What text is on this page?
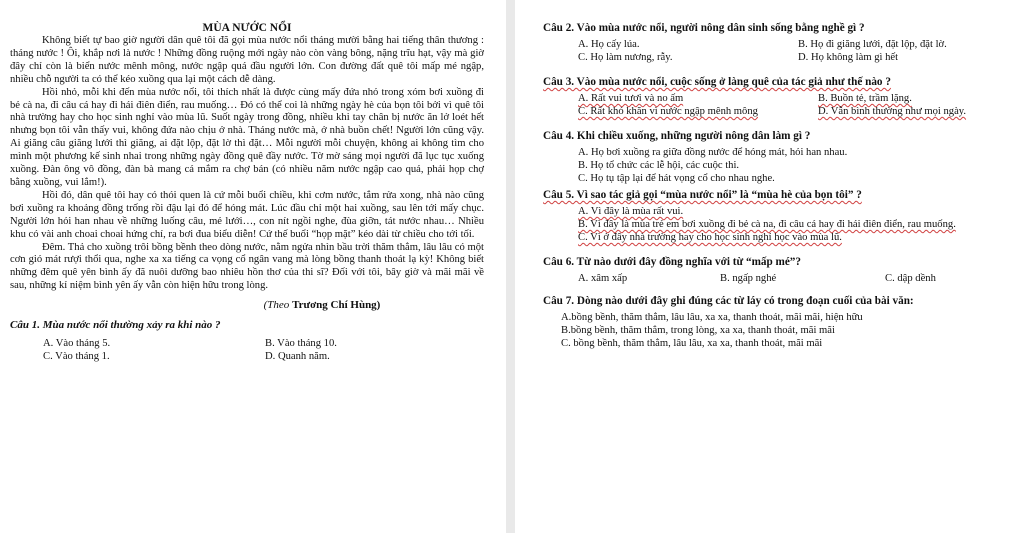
MÙA NƯỚC NỔI

Không biết tự bao giờ người dân quê tôi đã gọi mùa nước nổi tháng mười bằng hai tiếng thân thương : tháng nước ! Ôi, khắp nơi là nước ! Những đồng ruộng mới ngày nào còn vàng bông, nặng trĩu hạt, vậy mà giờ đây chỉ còn là biển nước mênh mông, nước ngập quá đầu người lớn. Con đường đất quê tôi mấp mé ngập, nhiều chỗ người ta có thể kéo xuồng qua lại một cách dễ dàng.

Hồi nhỏ, mỗi khi đến mùa nước nổi, tôi thích nhất là được cùng mấy đứa nhỏ trong xóm bơi xuồng đi bẻ cà na, đi câu cá hay đi hái điên điển, rau muống… Đó có thể coi là những ngày hè của bọn tôi bởi vì quê tôi nhà trường hay cho học sinh nghỉ vào mùa lũ. Suốt ngày trong đồng, nhiều khi tay chân bị nước ăn lở loét hết nhưng bọn tôi vẫn thấy vui, không đứa nào chịu ở nhà. Tháng nước mà, ở nhà buồn chết! Người lớn cũng vậy. Ai giăng câu giăng lưới thì giăng, ai đặt lộp, đặt lờ thì đặt… Mỗi người mỗi chuyện, không ai không tìm cho mình một phương kế sinh nhai trong những ngày đồng quê đầy nước. Tờ mờ sáng mọi người đã lục tục xuống xuồng. Đàn ông vô đồng, đàn bà mang cá mắm ra chợ bán (có nhiều năm nước ngập cao quá, phải họp chợ bằng xuồng, vui lắm!).

Hồi đó, dân quê tôi hay có thói quen là cứ mỗi buổi chiều, khi cơm nước, tắm rửa xong, nhà nào cũng bơi xuồng ra khoảng đồng trống rồi đậu lại đó để hóng mát. Lúc đầu chỉ một hai xuồng, sau lên tới mấy chục. Người lớn hỏi han nhau về những luống câu, mẻ lưới…, con nít ngồi nghe, đùa giỡn, tát nước nhau… Nhiều khu có vài anh choai choai hứng chí, ra bơi đua biểu diễn! Cứ thế buổi “họp mặt” kéo dài từ chiều cho tới tối.

Đêm. Thả cho xuồng trôi bồng bềnh theo dòng nước, nằm ngửa nhìn bầu trời thăm thẳm, lâu lâu có một cơn gió mát rượi thổi qua, nghe xa xa tiếng ca vọng cổ ngân vang mà lòng bồng thanh thoát lạ kỳ! Không biết những đêm quê yên bình ấy đã nuôi dưỡng bao nhiêu hồn thơ của thi sĩ? Đối với tôi, bây giờ và mãi mãi về sau, những kỉ niệm bình yên ấy vẫn còn hiện hữu trong lòng.

(Theo Trương Chí Hùng)
Câu 1. Mùa nước nổi thường xảy ra khi nào ?
A. Vào tháng 5.	B. Vào tháng 10.
C. Vào tháng 1.	D. Quanh năm.
Câu 2. Vào mùa nước nổi, người nông dân sinh sống bằng nghề gì ?
A. Họ cấy lúa.	B. Họ đi giăng lưới, đặt lộp, đặt lờ.
C. Họ làm nương, rẫy.	D. Họ không làm gì hết
Câu 3. Vào mùa nước nổi, cuộc sống ở làng quê của tác giả như thế nào ?
A. Rất vui tươi và no ấm	B. Buồn tẻ, trầm lặng.
C. Rất khó khăn vì nước ngập mênh mông	D. Vẫn bình thường như mọi ngày.
Câu 4. Khi chiều xuống, những người nông dân làm gì ?
A. Họ bơi xuồng ra giữa đồng nước để hóng mát, hỏi han nhau.
B. Họ tổ chức các lễ hội, các cuộc thi.
C. Họ tụ tập lại để hát vọng cổ cho nhau nghe.
Câu 5. Vì sao tác giả gọi “mùa nước nổi” là “mùa hè của bọn tôi” ?
A. Vì đây là mùa rất vui.
B. Vì đây là mùa trẻ em bơi xuồng đi bẻ cà na, đi câu cá hay đi hái điên điển, rau muống.
C. Vì ở đây nhà trường hay cho học sinh nghỉ học vào mùa lũ.
Câu 6. Từ nào dưới đây đồng nghĩa với từ “mấp mé”?
A. xâm xấp	B. ngấp nghé	C. dập dềnh
Câu 7. Dòng nào dưới đây ghi đúng các từ láy có trong đoạn cuối của bài văn:
A.bồng bềnh, thăm thẳm, lâu lâu, xa xa, thanh thoát, mãi mãi, hiện hữu
B.bồng bềnh, thăm thẳm, trong lòng, xa xa, thanh thoát, mãi mãi
C. bồng bềnh, thăm thẳm, lâu lâu, xa xa, thanh thoát, mãi mãi
